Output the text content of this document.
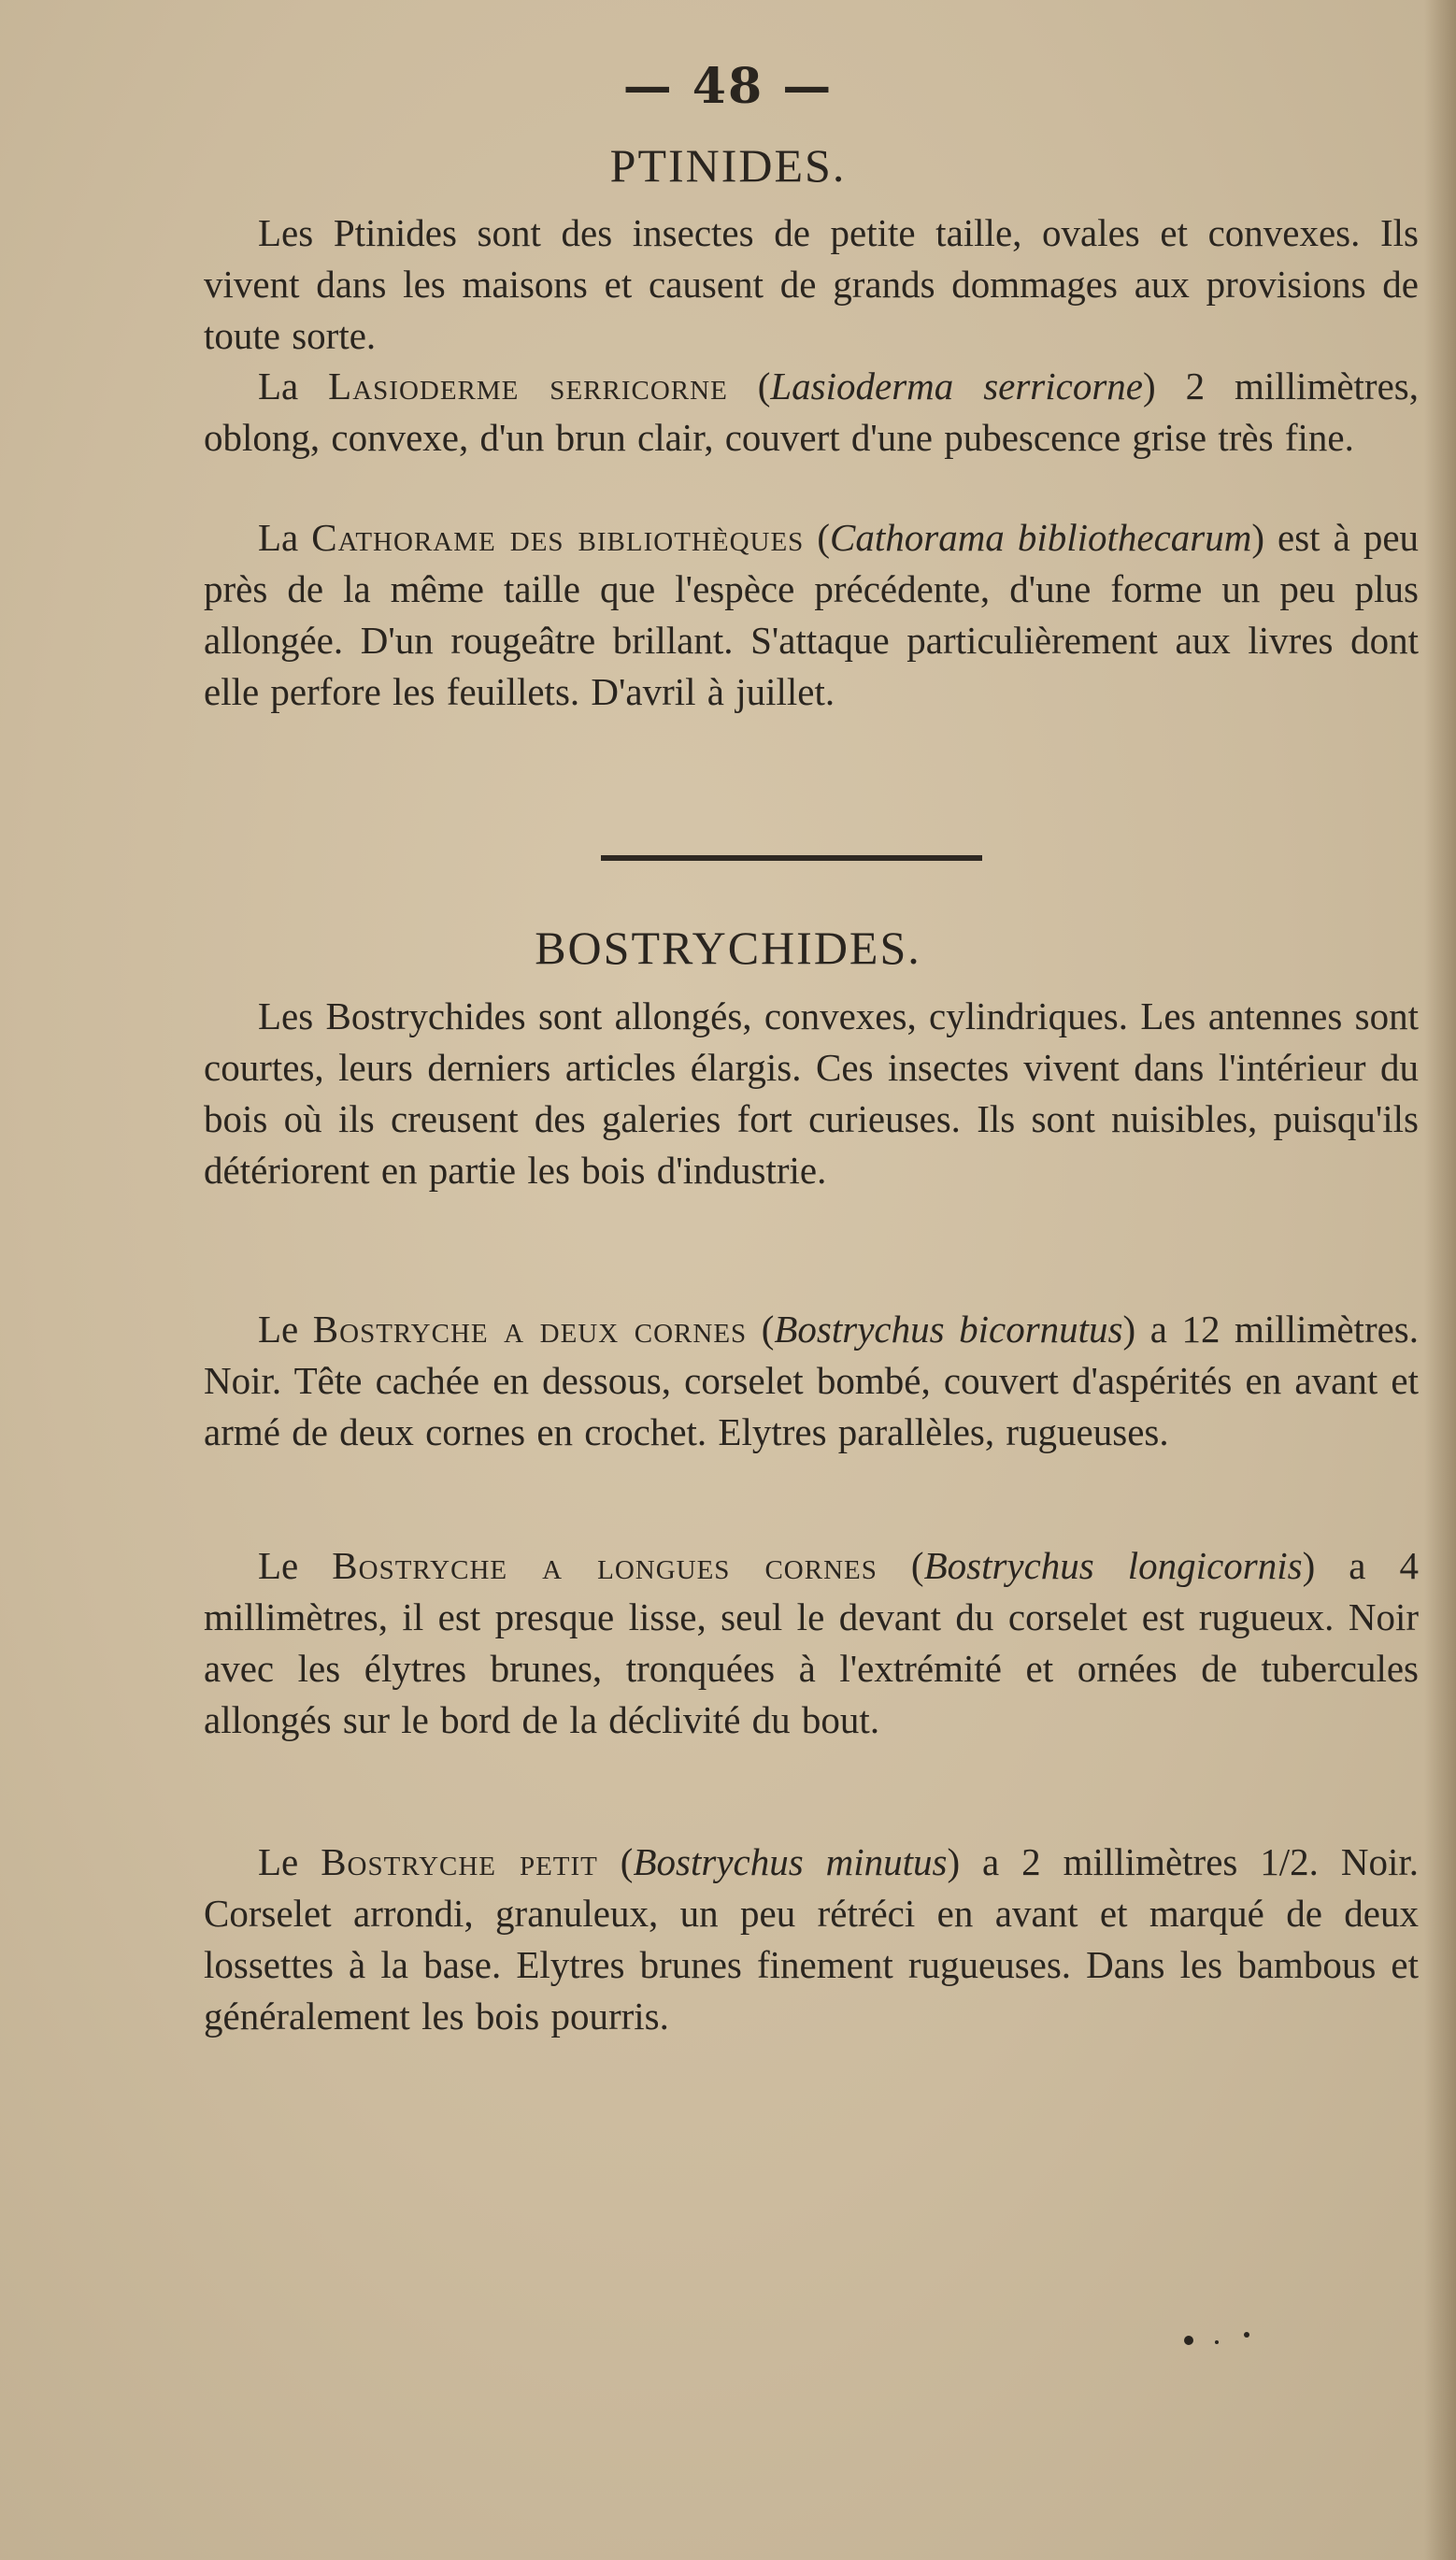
— 48 —
PTINIDES.
Les Ptinides sont des insectes de petite taille, ovales et convexes. Ils vivent dans les maisons et causent de grands dommages aux provisions de toute sorte.
La Lasioderme serricorne (Lasioderma serricorne) 2 millimètres, oblong, convexe, d'un brun clair, couvert d'une pubescence grise très fine.
La Cathorame des bibliothèques (Cathorama bibliothecarum) est à peu près de la même taille que l'espèce précédente, d'une forme un peu plus allongée. D'un rougeâtre brillant. S'attaque particulièrement aux livres dont elle perfore les feuillets. D'avril à juillet.
BOSTRYCHIDES.
Les Bostrychides sont allongés, convexes, cylindriques. Les antennes sont courtes, leurs derniers articles élargis. Ces insectes vivent dans l'intérieur du bois où ils creusent des galeries fort curieuses. Ils sont nuisibles, puisqu'ils détériorent en partie les bois d'industrie.
Le Bostryche a deux cornes (Bostrychus bicornutus) a 12 millimètres. Noir. Tête cachée en dessous, corselet bombé, couvert d'aspérités en avant et armé de deux cornes en crochet. Elytres parallèles, rugueuses.
Le Bostryche a longues cornes (Bostrychus longicornis) a 4 millimètres, il est presque lisse, seul le devant du corselet est rugueux. Noir avec les élytres brunes, tronquées à l'extrémité et ornées de tubercules allongés sur le bord de la déclivité du bout.
Le Bostryche petit (Bostrychus minutus) a 2 millimètres 1/2. Noir. Corselet arrondi, granuleux, un peu rétréci en avant et marqué de deux lossettes à la base. Elytres brunes finement rugueuses. Dans les bambous et généralement les bois pourris.
